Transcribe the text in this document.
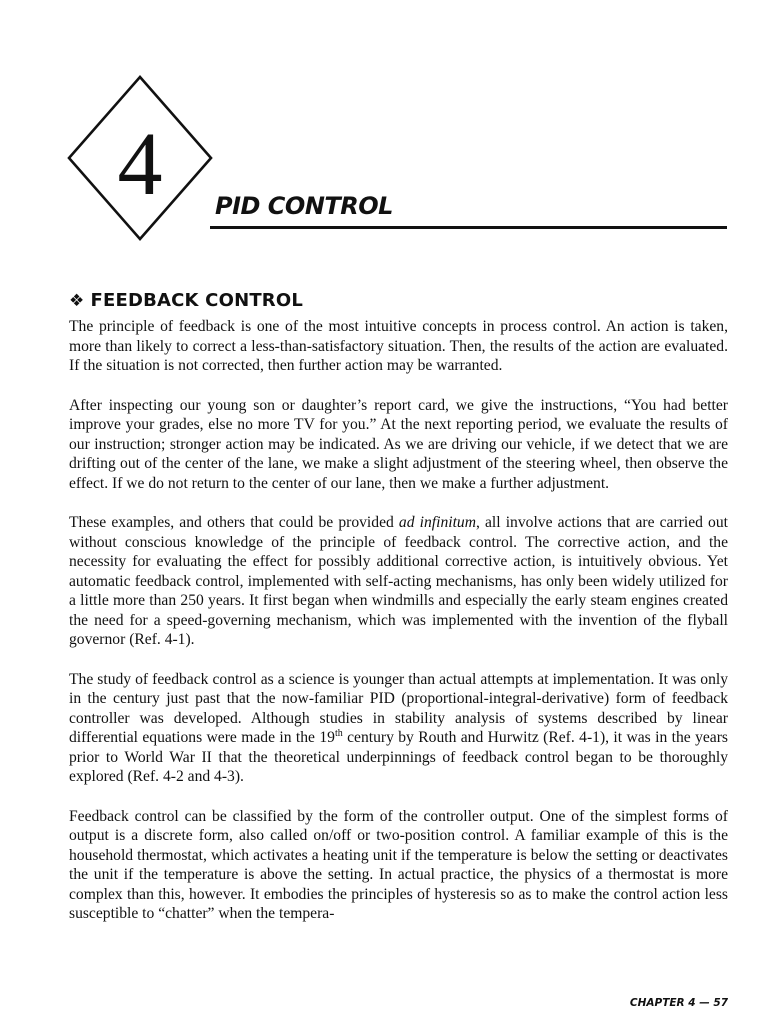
4 PID CONTROL
❖ FEEDBACK CONTROL

The principle of feedback is one of the most intuitive concepts in process control. An action is taken, more than likely to correct a less-than-satisfactory situation. Then, the results of the action are evaluated. If the situation is not corrected, then further action may be warranted.

After inspecting our young son or daughter’s report card, we give the instructions, “You had better improve your grades, else no more TV for you.” At the next reporting period, we evaluate the results of our instruction; stronger action may be indicated. As we are driving our vehicle, if we detect that we are drifting out of the center of the lane, we make a slight adjustment of the steering wheel, then observe the effect. If we do not return to the center of our lane, then we make a further adjustment.

These examples, and others that could be provided ad infinitum, all involve actions that are carried out without conscious knowledge of the principle of feedback control. The corrective action, and the necessity for evaluating the effect for possibly additional corrective action, is intuitively obvious. Yet automatic feedback control, implemented with self-acting mechanisms, has only been widely utilized for a little more than 250 years. It first began when windmills and especially the early steam engines created the need for a speed-governing mechanism, which was implemented with the invention of the flyball governor (Ref. 4-1).

The study of feedback control as a science is younger than actual attempts at implementation. It was only in the century just past that the now-familiar PID (proportional-integral-derivative) form of feedback controller was developed. Although studies in stability analysis of systems described by linear differential equations were made in the 19th century by Routh and Hurwitz (Ref. 4-1), it was in the years prior to World War II that the theoretical underpinnings of feedback control began to be thoroughly explored (Ref. 4-2 and 4-3).

Feedback control can be classified by the form of the controller output. One of the simplest forms of output is a discrete form, also called on/off or two-position control. A familiar example of this is the household thermostat, which activates a heating unit if the temperature is below the setting or deactivates the unit if the temperature is above the setting. In actual practice, the physics of a thermostat is more complex than this, however. It embodies the principles of hysteresis so as to make the control action less susceptible to “chatter” when the tempera-

CHAPTER 4 — 57
